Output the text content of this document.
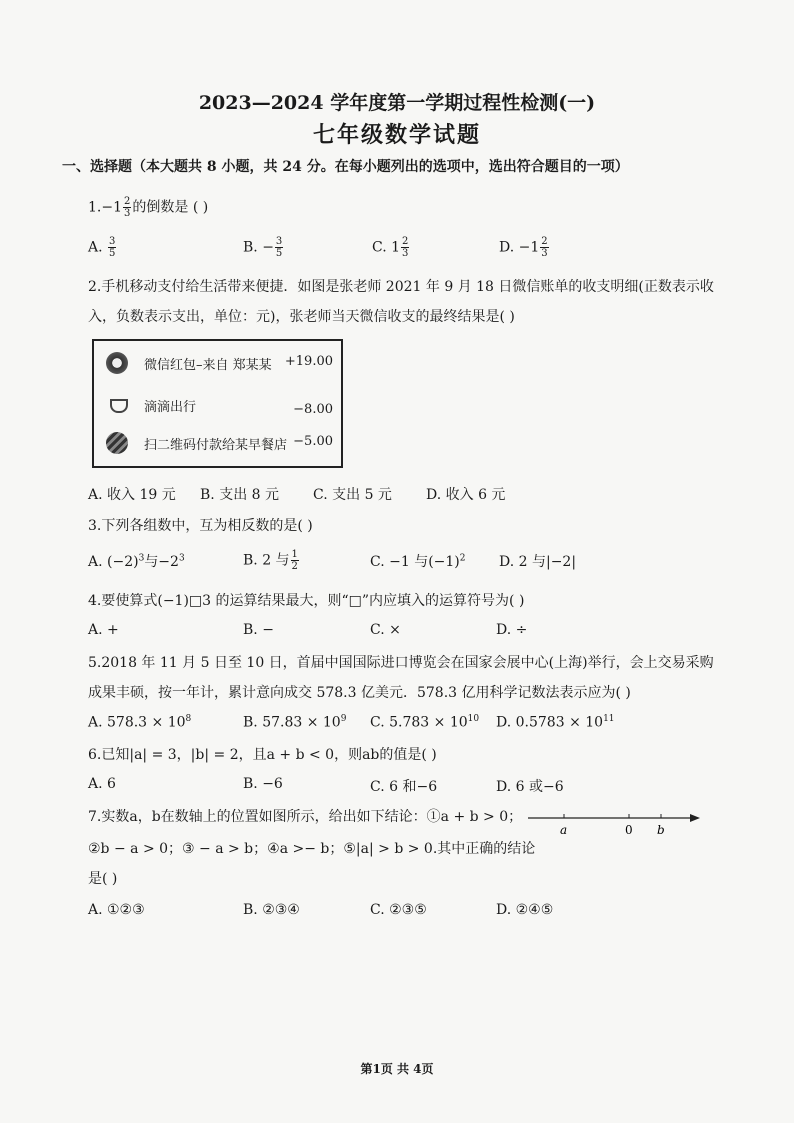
2023—2024 学年度第一学期过程性检测(一)
七年级数学试题
一、选择题（本大题共 8 小题，共 24 分。在每小题列出的选项中，选出符合题目的一项）
$1.-1 \frac{2}{3}$ 的倒数是 ( )
A. $\frac{3}{5}$	B. − $\frac{3}{5}$	C. $1 \frac{2}{3}$	D. $-1 \frac{2}{3}$
2.手机移动支付给生活带来便捷．如图是张老师 2021 年 9 月 18 日微信账单的收支明细(正数表示收
入，负数表示支出，单位：元)，张老师当天微信收支的最终结果是( )
微信红包–来自 郑某某 +19.00
滴滴出行	−8.00
扫二维码付款给某早餐店 −5.00
A. 收入 19 元 B. 支出 8 元 C. 支出 5 元 D. 收入 6 元
3.下列各组数中，互为相反数的是( )
A. $(-2)^3$与$-2^3$	B. 2 与 $\frac{1}{2}$	C. −1 与$(-1)^2$ D. 2 与|−2|
4.要使算式(−1)□3 的运算结果最大，则“□”内应填入的运算符号为( )
A. +	B. −	C. ×	D. ÷
5.2018 年 11 月 5 日至 10 日，首届中国国际进口博览会在国家会展中心(上海)举行，会上交易采购
成果丰硕，按一年计，累计意向成交 578.3 亿美元．578.3 亿用科学记数法表示应为( )
A. $578.3 \times 10^8$	B. $57.83 \times 10^9$ C. $5.783 \times 10^{10}$ D. $0.5783 \times 10^{11}$
6.已知|a| = 3，|b| = 2，且a + b < 0，则ab的值是( )
A. 6	B. −6	C. 6 和−6	D. 6 或−6
7.实数a，b在数轴上的位置如图所示，给出如下结论：①a + b > 0；
②b − a > 0；③ − a > b；④a >− b；⑤|a| > b > 0.其中正确的结论
是( )
a	0 b
A. ①②③	B. ②③④	C. ②③⑤	D. ②④⑤
第1页 共 4页
